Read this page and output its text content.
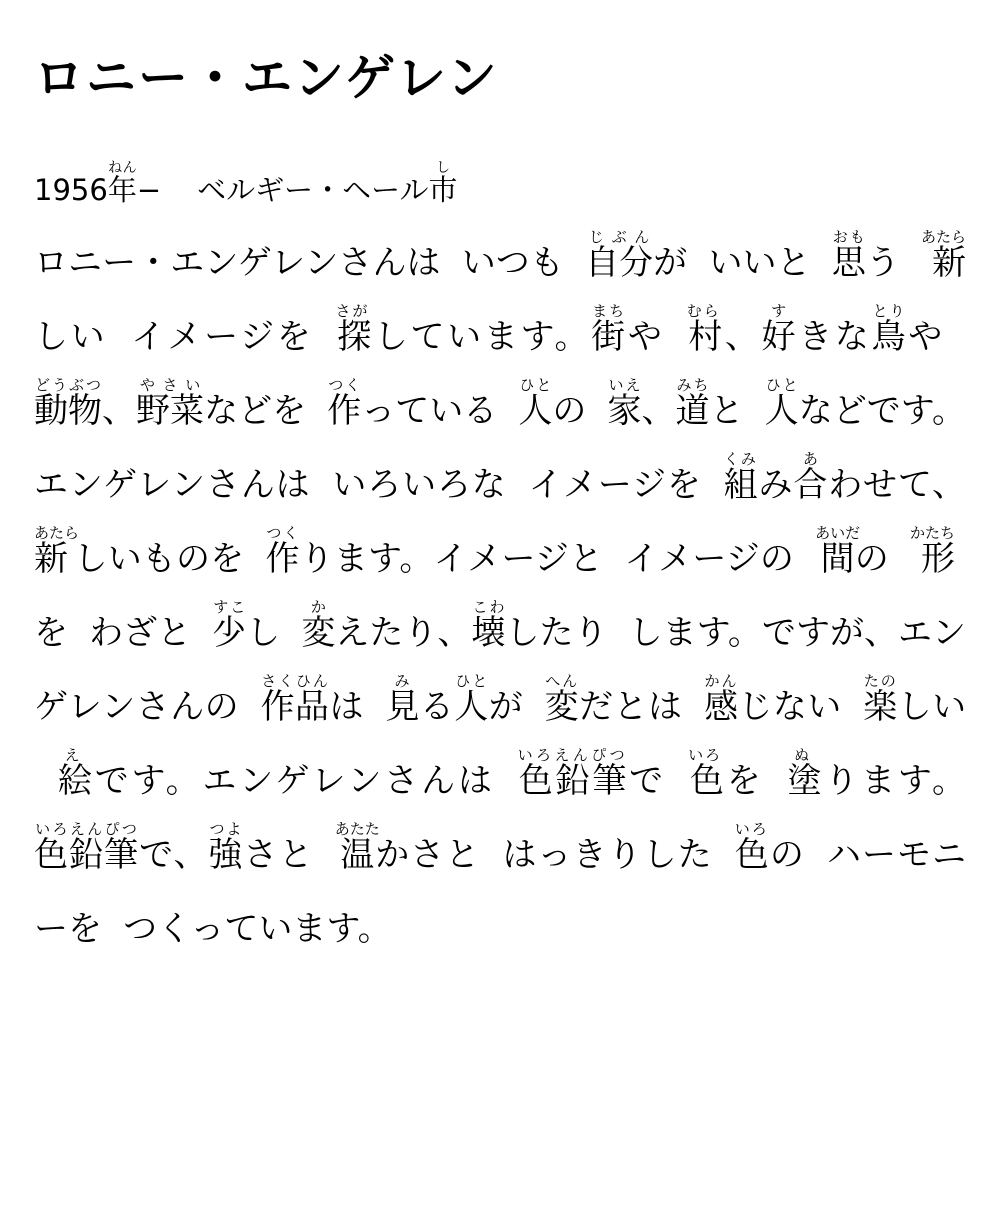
ロニー・エンゲレン

1956年ねん− ベルギー・ヘール市し

ロニー・エンゲレンさんは いつも 自分じぶんが いいと 思おもう 新あたらしい イメージを 探さがしています。街まちや 村むら、好すきな鳥とりや動物どうぶつ、野菜やさいなどを 作つくっている 人ひとの 家いえ、道みちと 人ひとなどです。エンゲレンさんは いろいろな イメージを 組くみみ合あわせて、新あたらしいものを 作つくります。イメージと イメージの 間あいだの 形かたちを わざと 少すこし 変かえたり、壊こわしたり します。ですが、エンゲレンさんの 作品さくひんは 見みる人ひとが 変へんだとは 感かんじない 楽たのしい絵えです。エンゲレンさんは 色鉛筆いろえんぴつで 色いろを 塗ぬります。色鉛筆いろえんぴつで、強つよさと 温あたたかさと はっきりした 色いろの ハーモニーを つくっています。
